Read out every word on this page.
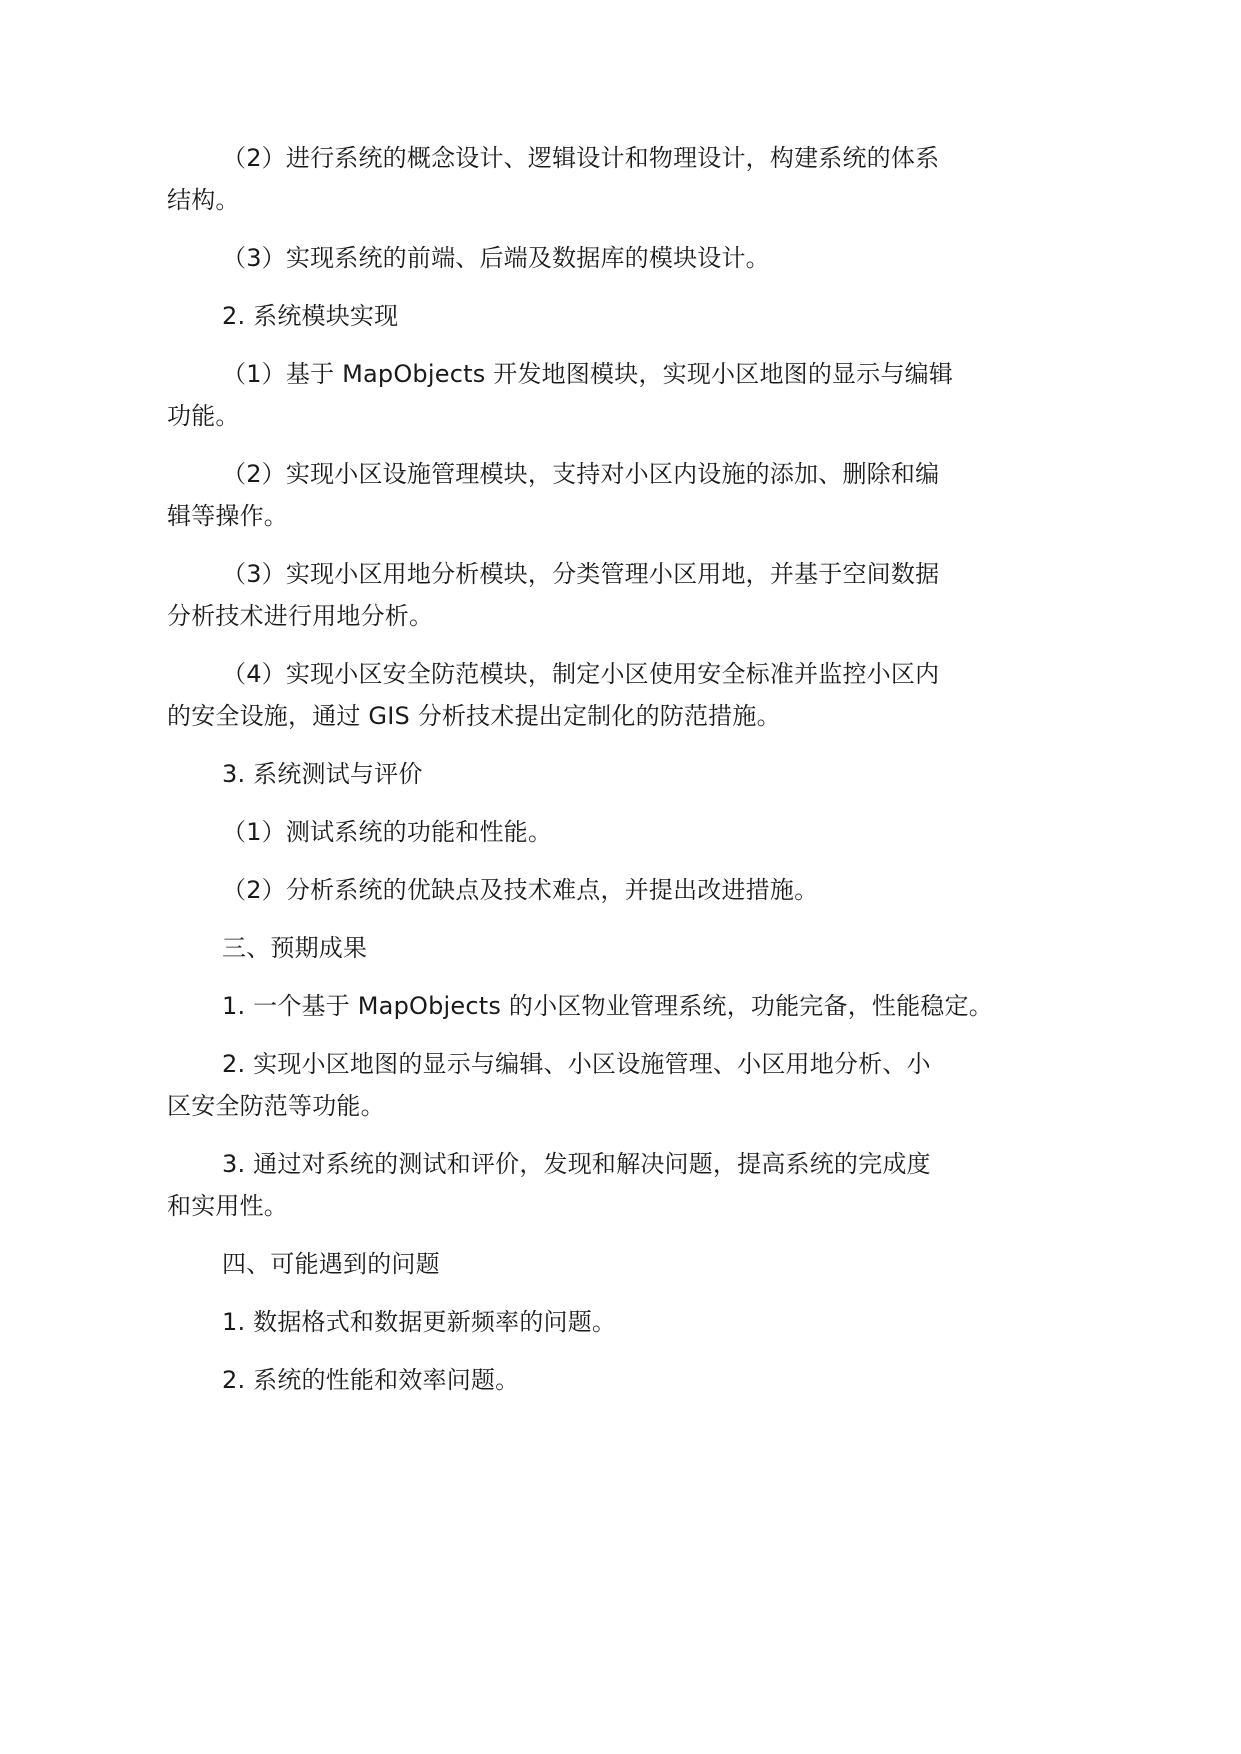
（2）进行系统的概念设计、逻辑设计和物理设计，构建系统的体系
结构。
（3）实现系统的前端、后端及数据库的模块设计。
2. 系统模块实现
（1）基于 MapObjects 开发地图模块，实现小区地图的显示与编辑
功能。
（2）实现小区设施管理模块，支持对小区内设施的添加、删除和编
辑等操作。
（3）实现小区用地分析模块，分类管理小区用地，并基于空间数据
分析技术进行用地分析。
（4）实现小区安全防范模块，制定小区使用安全标准并监控小区内
的安全设施，通过 GIS 分析技术提出定制化的防范措施。
3. 系统测试与评价
（1）测试系统的功能和性能。
（2）分析系统的优缺点及技术难点，并提出改进措施。
三、预期成果
1. 一个基于 MapObjects 的小区物业管理系统，功能完备，性能稳定。
2. 实现小区地图的显示与编辑、小区设施管理、小区用地分析、小
区安全防范等功能。
3. 通过对系统的测试和评价，发现和解决问题，提高系统的完成度
和实用性。
四、可能遇到的问题
1. 数据格式和数据更新频率的问题。
2. 系统的性能和效率问题。
